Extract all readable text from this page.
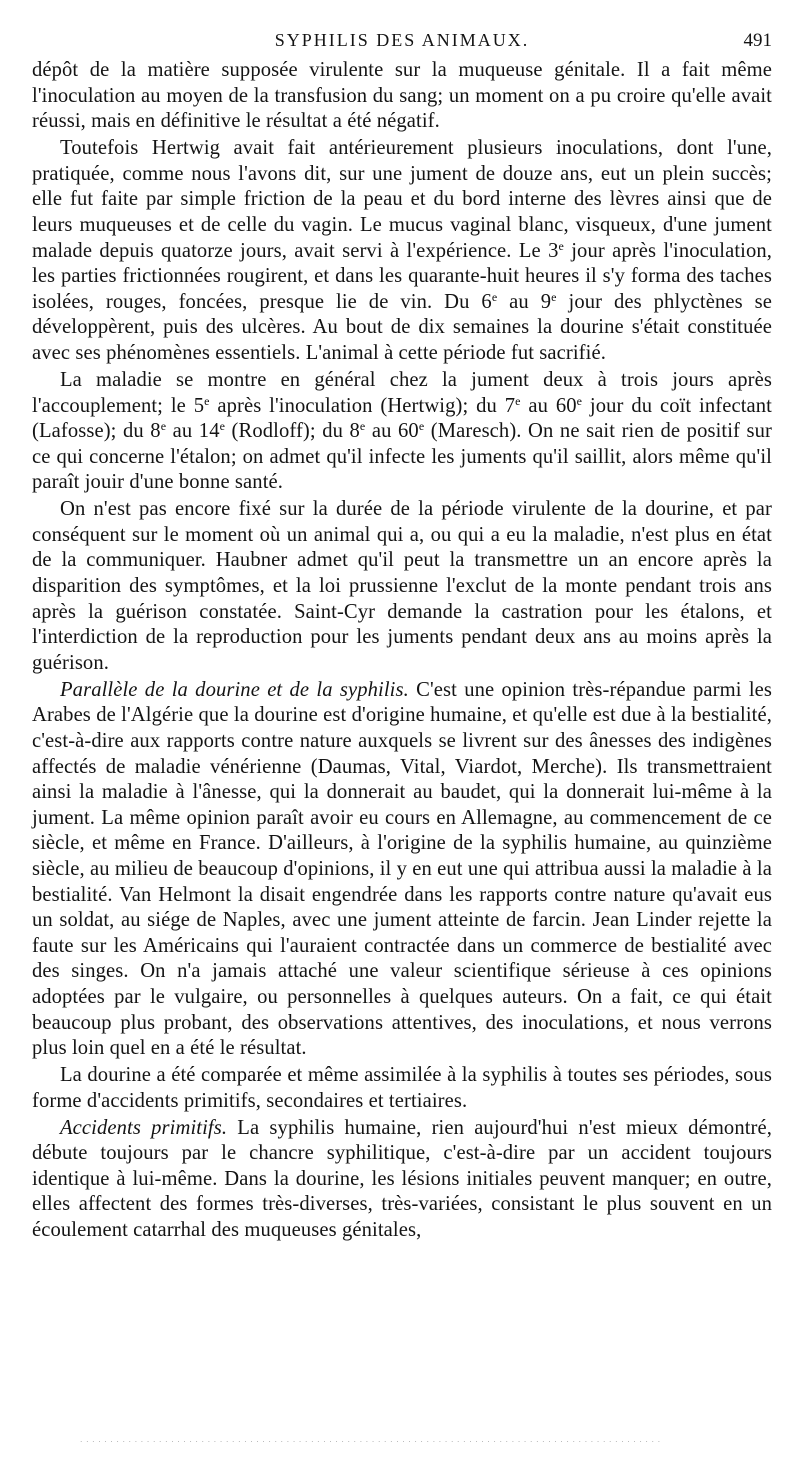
SYPHILIS DES ANIMAUX.	491

dépôt de la matière supposée virulente sur la muqueuse génitale. Il a fait même l'inoculation au moyen de la transfusion du sang; un moment on a pu croire qu'elle avait réussi, mais en définitive le résultat a été négatif.

Toutefois Hertwig avait fait antérieurement plusieurs inoculations, dont l'une, pratiquée, comme nous l'avons dit, sur une jument de douze ans, eut un plein succès; elle fut faite par simple friction de la peau et du bord interne des lèvres ainsi que de leurs muqueuses et de celle du vagin. Le mucus vaginal blanc, visqueux, d'une jument malade depuis quatorze jours, avait servi à l'expérience. Le 3e jour après l'inoculation, les parties frictionnées rougirent, et dans les quarante-huit heures il s'y forma des taches isolées, rouges, foncées, presque lie de vin. Du 6e au 9e jour des phlyctènes se développèrent, puis des ulcères. Au bout de dix semaines la dourine s'était constituée avec ses phénomènes essentiels. L'animal à cette période fut sacrifié.

La maladie se montre en général chez la jument deux à trois jours après l'accouplement; le 5e après l'inoculation (Hertwig); du 7e au 60e jour du coït infectant (Lafosse); du 8e au 14e (Rodloff); du 8e au 60e (Maresch). On ne sait rien de positif sur ce qui concerne l'étalon; on admet qu'il infecte les juments qu'il saillit, alors même qu'il paraît jouir d'une bonne santé.

On n'est pas encore fixé sur la durée de la période virulente de la dourine, et par conséquent sur le moment où un animal qui a, ou qui a eu la maladie, n'est plus en état de la communiquer. Haubner admet qu'il peut la transmettre un an encore après la disparition des symptômes, et la loi prussienne l'exclut de la monte pendant trois ans après la guérison constatée. Saint-Cyr demande la castration pour les étalons, et l'interdiction de la reproduction pour les juments pendant deux ans au moins après la guérison.

Parallèle de la dourine et de la syphilis. C'est une opinion très-répandue parmi les Arabes de l'Algérie que la dourine est d'origine humaine, et qu'elle est due à la bestialité, c'est-à-dire aux rapports contre nature auxquels se livrent sur des ânesses des indigènes affectés de maladie vénérienne (Daumas, Vital, Viardot, Merche). Ils transmettraient ainsi la maladie à l'ânesse, qui la donnerait au baudet, qui la donnerait lui-même à la jument. La même opinion paraît avoir eu cours en Allemagne, au commencement de ce siècle, et même en France. D'ailleurs, à l'origine de la syphilis humaine, au quinzième siècle, au milieu de beaucoup d'opinions, il y en eut une qui attribua aussi la maladie à la bestialité. Van Helmont la disait engendrée dans les rapports contre nature qu'avait eus un soldat, au siége de Naples, avec une jument atteinte de farcin. Jean Linder rejette la faute sur les Américains qui l'auraient contractée dans un commerce de bestialité avec des singes. On n'a jamais attaché une valeur scientifique sérieuse à ces opinions adoptées par le vulgaire, ou personnelles à quelques auteurs. On a fait, ce qui était beaucoup plus probant, des observations attentives, des inoculations, et nous verrons plus loin quel en a été le résultat.

La dourine a été comparée et même assimilée à la syphilis à toutes ses périodes, sous forme d'accidents primitifs, secondaires et tertiaires.

Accidents primitifs. La syphilis humaine, rien aujourd'hui n'est mieux démontré, débute toujours par le chancre syphilitique, c'est-à-dire par un accident toujours identique à lui-même. Dans la dourine, les lésions initiales peuvent manquer; en outre, elles affectent des formes très-diverses, très-variées, consistant le plus souvent en un écoulement catarrhal des muqueuses génitales,

· · · · · · · · · · · · · · · · · · · · · · · · · · · · · · · · · · · · · · · · · · · · · · · · · · · · · · · · · · · · · · · · · · · · · · · · · · · · · · · · · · · · · · · · · · · · · · · ·
